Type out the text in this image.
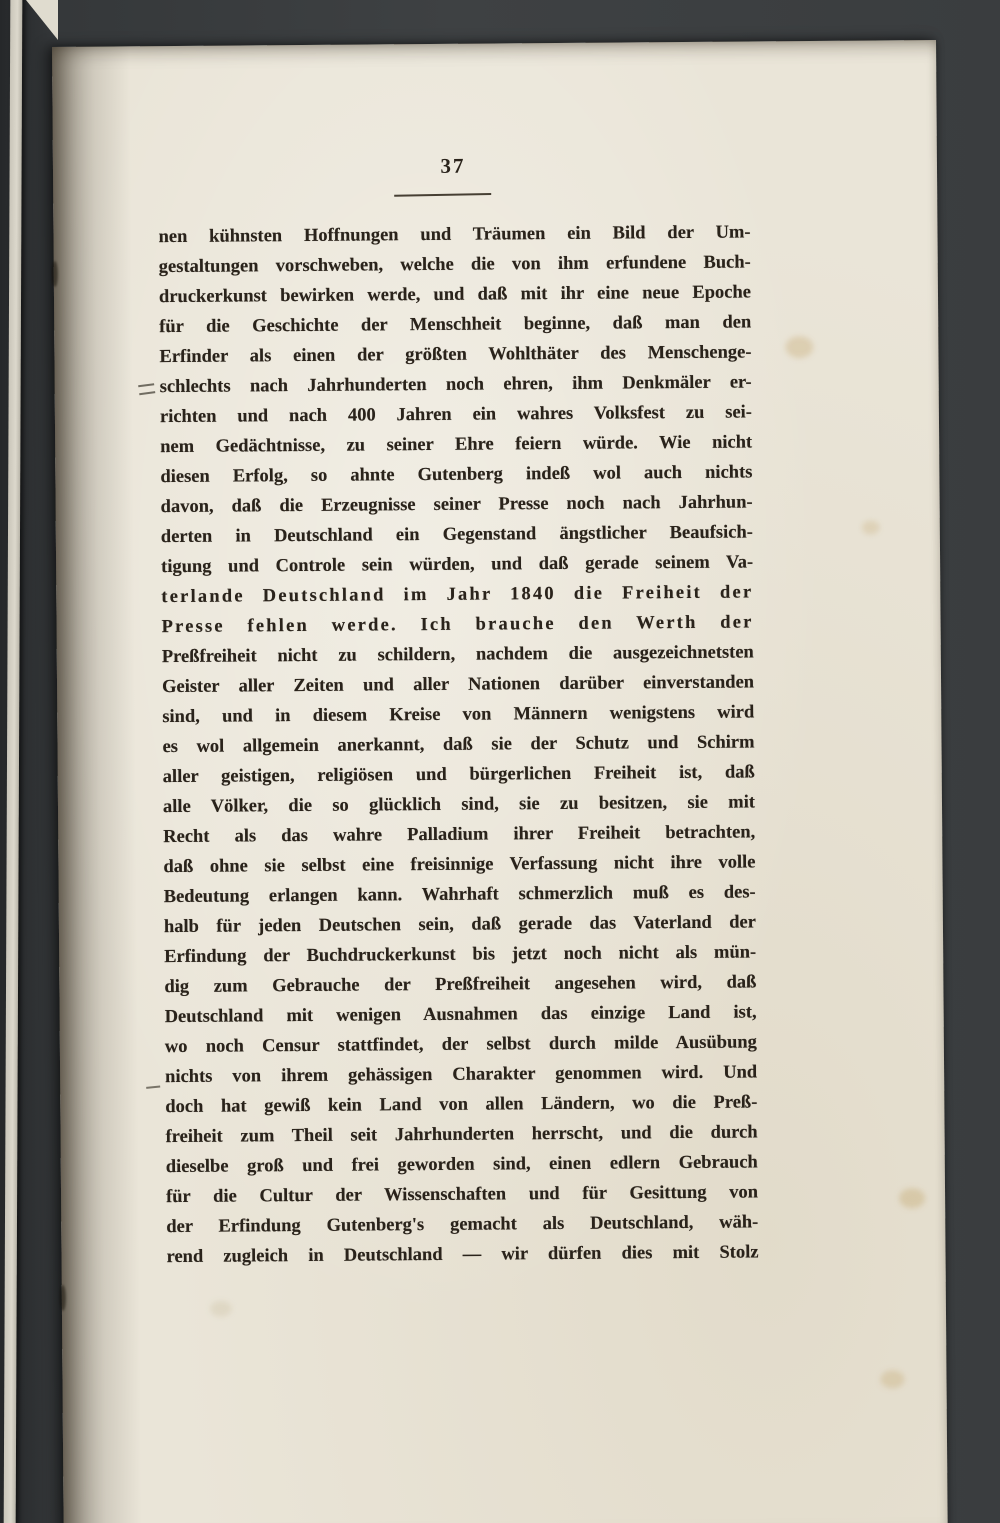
37
nen kühnsten Hoffnungen und Träumen ein Bild der Um-
gestaltungen vorschweben, welche die von ihm erfundene Buch-
druckerkunst bewirken werde, und daß mit ihr eine neue Epoche
für die Geschichte der Menschheit beginne, daß man den
Erfinder als einen der größten Wohlthäter des Menschenge-
schlechts nach Jahrhunderten noch ehren, ihm Denkmäler er-
richten und nach 400 Jahren ein wahres Volksfest zu sei-
nem Gedächtnisse, zu seiner Ehre feiern würde. Wie nicht
diesen Erfolg, so ahnte Gutenberg indeß wol auch nichts
davon, daß die Erzeugnisse seiner Presse noch nach Jahrhun-
derten in Deutschland ein Gegenstand ängstlicher Beaufsich-
tigung und Controle sein würden, und daß gerade seinem Va-
terlande Deutschland im Jahr 1840 die Freiheit der
Presse fehlen werde. Ich brauche den Werth der
Preßfreiheit nicht zu schildern, nachdem die ausgezeichnetsten
Geister aller Zeiten und aller Nationen darüber einverstanden
sind, und in diesem Kreise von Männern wenigstens wird
es wol allgemein anerkannt, daß sie der Schutz und Schirm
aller geistigen, religiösen und bürgerlichen Freiheit ist, daß
alle Völker, die so glücklich sind, sie zu besitzen, sie mit
Recht als das wahre Palladium ihrer Freiheit betrachten,
daß ohne sie selbst eine freisinnige Verfassung nicht ihre volle
Bedeutung erlangen kann. Wahrhaft schmerzlich muß es des-
halb für jeden Deutschen sein, daß gerade das Vaterland der
Erfindung der Buchdruckerkunst bis jetzt noch nicht als mün-
dig zum Gebrauche der Preßfreiheit angesehen wird, daß
Deutschland mit wenigen Ausnahmen das einzige Land ist,
wo noch Censur stattfindet, der selbst durch milde Ausübung
nichts von ihrem gehässigen Charakter genommen wird. Und
doch hat gewiß kein Land von allen Ländern, wo die Preß-
freiheit zum Theil seit Jahrhunderten herrscht, und die durch
dieselbe groß und frei geworden sind, einen edlern Gebrauch
für die Cultur der Wissenschaften und für Gesittung von
der Erfindung Gutenberg's gemacht als Deutschland, wäh-
rend zugleich in Deutschland — wir dürfen dies mit Stolz
